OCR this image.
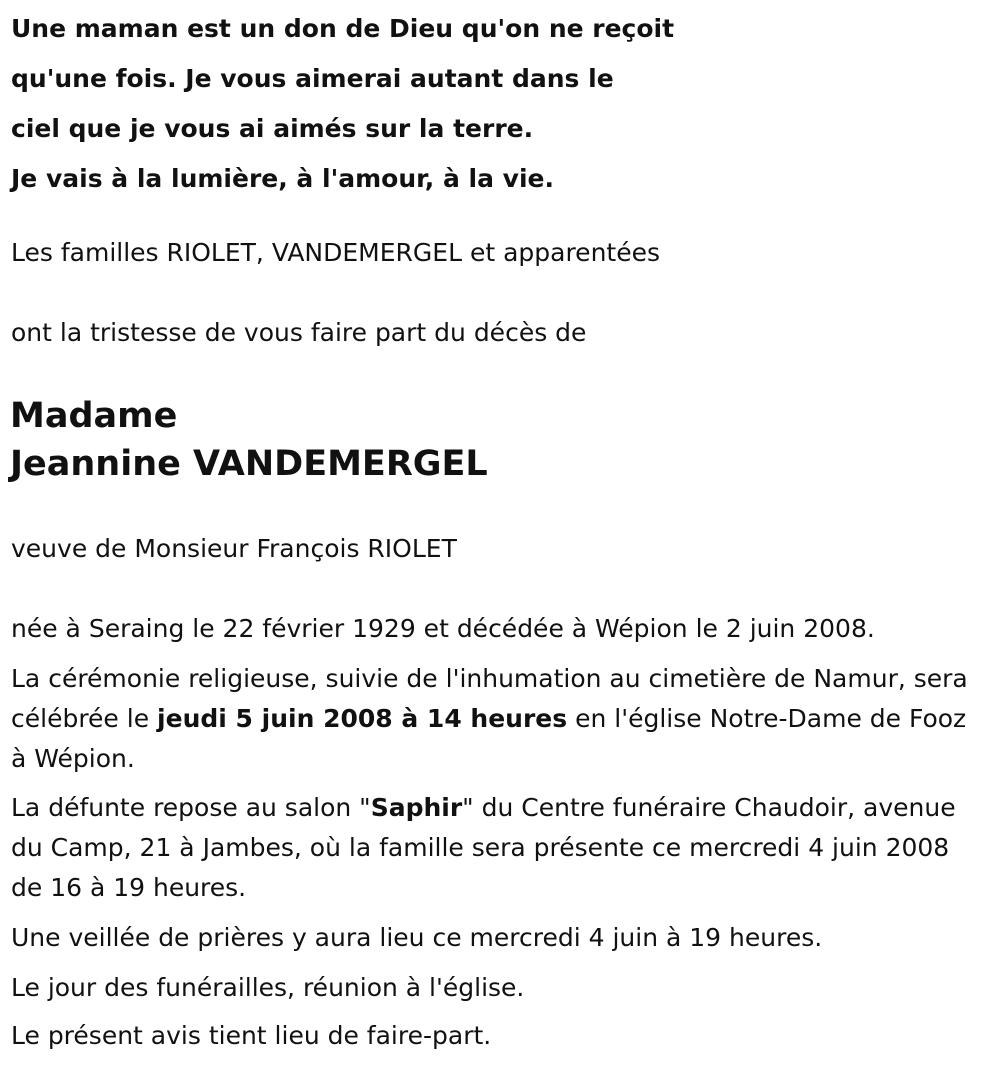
Une maman est un don de Dieu qu'on ne reçoit

qu'une fois. Je vous aimerai autant dans le

ciel que je vous ai aimés sur la terre.

Je vais à la lumière, à l'amour, à la vie.

Les familles RIOLET, VANDEMERGEL et apparentées

ont la tristesse de vous faire part du décès de

Madame

Jeannine VANDEMERGEL

veuve de Monsieur François RIOLET

née à Seraing le 22 février 1929 et décédée à Wépion le 2 juin 2008.

La cérémonie religieuse, suivie de l'inhumation au cimetière de Namur, sera célébrée le jeudi 5 juin 2008 à 14 heures en l'église Notre-Dame de Fooz à Wépion.

La défunte repose au salon "Saphir" du Centre funéraire Chaudoir, avenue du Camp, 21 à Jambes, où la famille sera présente ce mercredi 4 juin 2008 de 16 à 19 heures.

Une veillée de prières y aura lieu ce mercredi 4 juin à 19 heures.

Le jour des funérailles, réunion à l'église.

Le présent avis tient lieu de faire-part.
